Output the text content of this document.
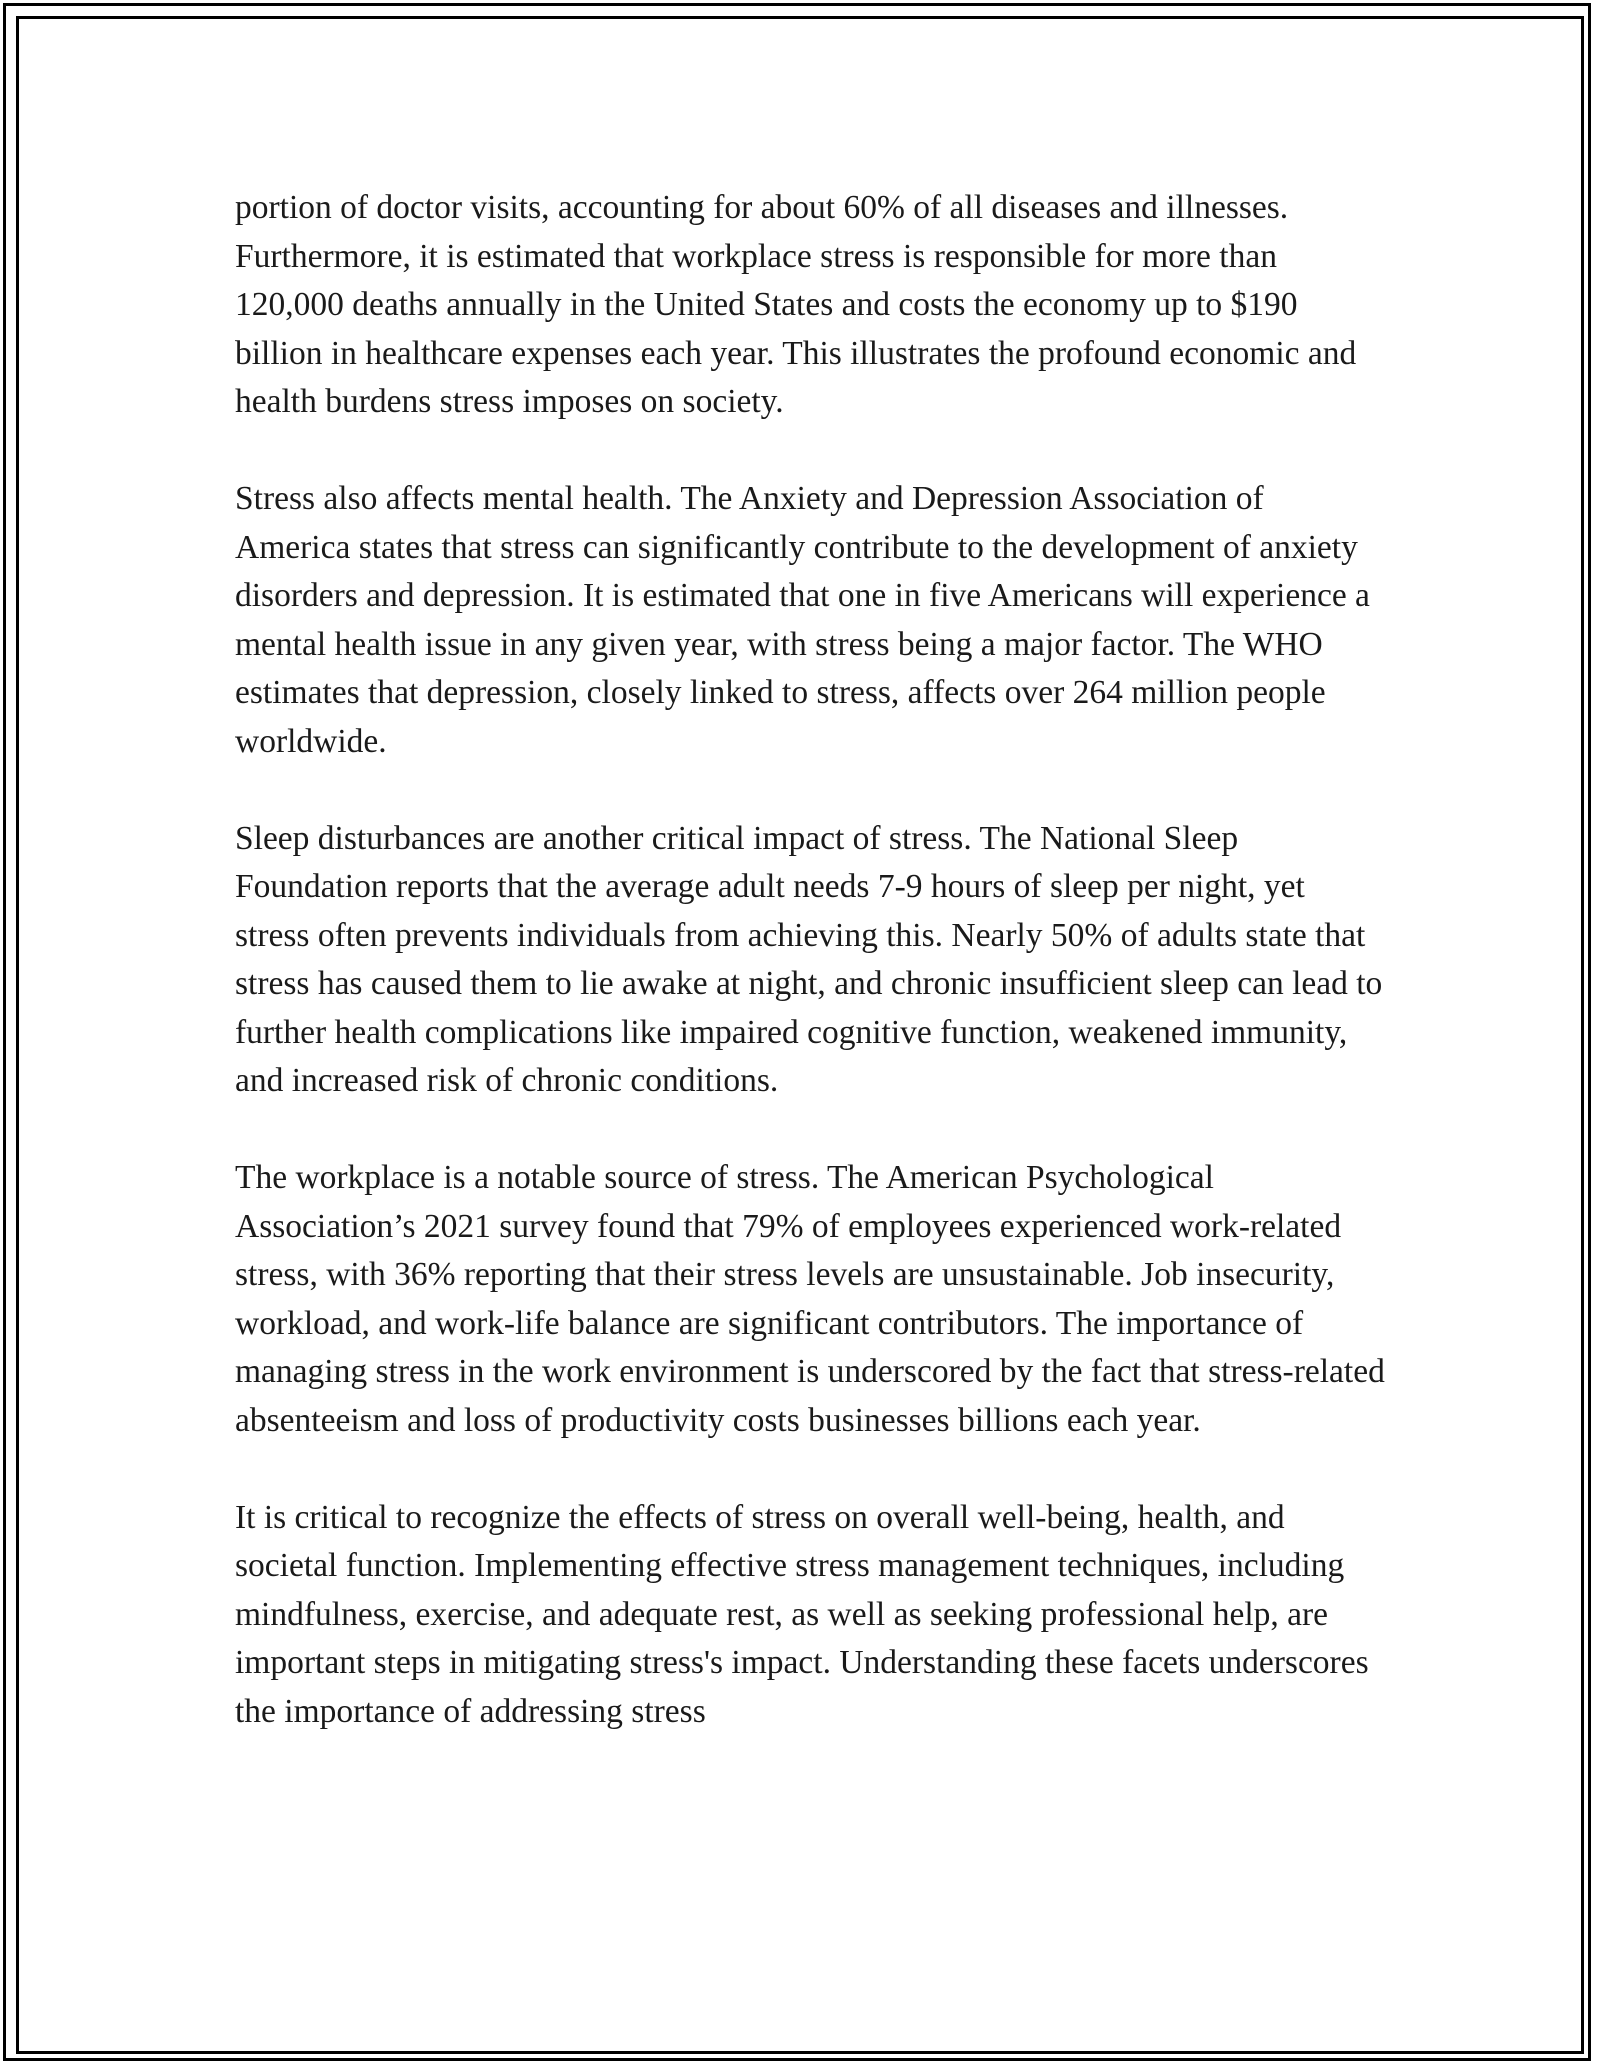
portion of doctor visits, accounting for about 60% of all diseases and illnesses. Furthermore, it is estimated that workplace stress is responsible for more than 120,000 deaths annually in the United States and costs the economy up to $190 billion in healthcare expenses each year. This illustrates the profound economic and health burdens stress imposes on society.

Stress also affects mental health. The Anxiety and Depression Association of America states that stress can significantly contribute to the development of anxiety disorders and depression. It is estimated that one in five Americans will experience a mental health issue in any given year, with stress being a major factor. The WHO estimates that depression, closely linked to stress, affects over 264 million people worldwide.

Sleep disturbances are another critical impact of stress. The National Sleep Foundation reports that the average adult needs 7-9 hours of sleep per night, yet stress often prevents individuals from achieving this. Nearly 50% of adults state that stress has caused them to lie awake at night, and chronic insufficient sleep can lead to further health complications like impaired cognitive function, weakened immunity, and increased risk of chronic conditions.

The workplace is a notable source of stress. The American Psychological Association’s 2021 survey found that 79% of employees experienced work-related stress, with 36% reporting that their stress levels are unsustainable. Job insecurity, workload, and work-life balance are significant contributors. The importance of managing stress in the work environment is underscored by the fact that stress-related absenteeism and loss of productivity costs businesses billions each year.

It is critical to recognize the effects of stress on overall well-being, health, and societal function. Implementing effective stress management techniques, including mindfulness, exercise, and adequate rest, as well as seeking professional help, are important steps in mitigating stress's impact. Understanding these facets underscores the importance of addressing stress
